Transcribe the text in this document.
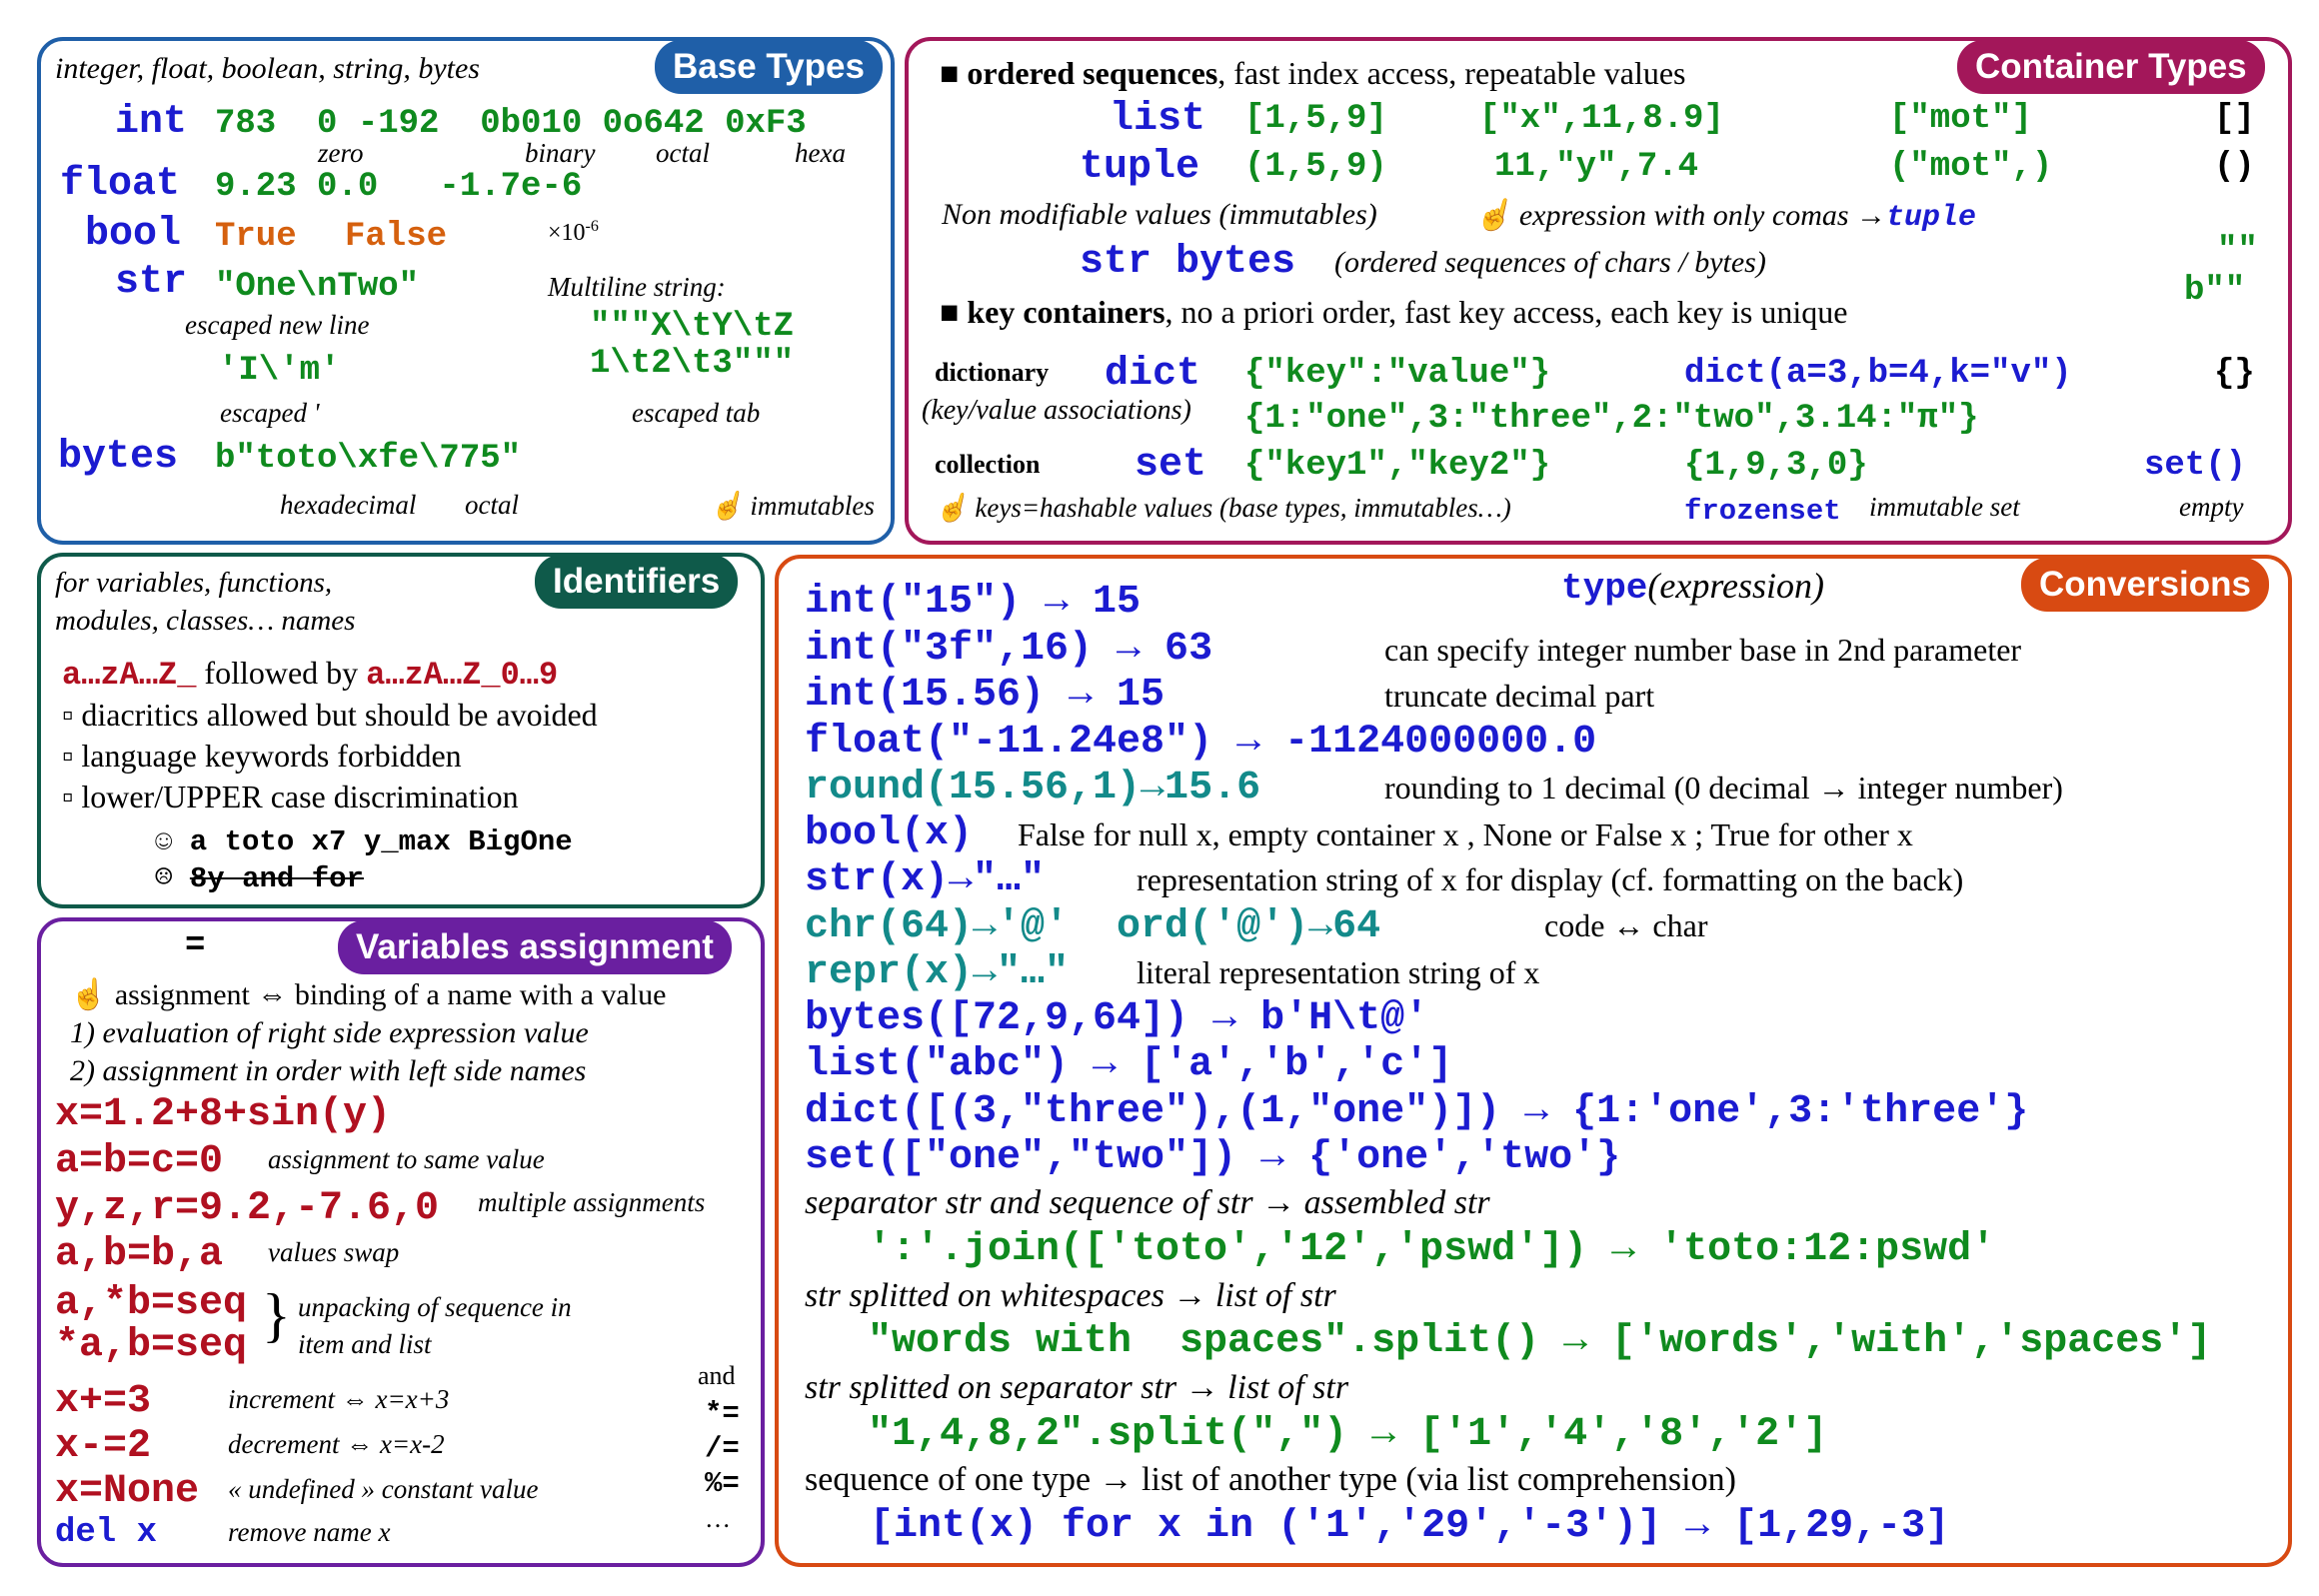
Base Types
integer, float, boolean, string, bytes
int 783  0 -192  0b010 0o642 0xF3
zero	binary octal	hexa
float 9.23 0.0   -1.7e-6
$\times 10^{-6}$
bool True False
str "One\nTwo"
escaped new line
Multiline string:
"""X\tY\tZ
1\t2\t3"""
'I\'m'
escaped '	escaped tab
bytes b"toto\xfe\775"
hexadecimal octal	☝ immutables
Container Types
■ ordered sequences, fast index access, repeatable values
list [1,5,9]	["x",11,8.9]	["mot"]	[]
tuple (1,5,9)	11,"y",7.4	("mot",)	()
Non modifiable values (immutables)	☝ expression with only comas →tuple
str bytes (ordered sequences of chars / bytes)	""
b""
■ key containers, no a priori order, fast key access, each key is unique
dictionary
(key/value associations)
dict {"key":"value"}	dict(a=3,b=4,k="v")	{}
{1:"one",3:"three",2:"two",3.14:"π"}
collection set {"key1","key2"}	{1,9,3,0}	set()
☝ keys=hashable values (base types, immutables…)	frozenset immutable set	empty
Identifiers
for variables, functions,
modules, classes… names
a…zA…Z_ followed by a…zA…Z_0…9
▫ diacritics allowed but should be avoided
▫ language keywords forbidden
▫ lower/UPPER case discrimination
☺ a toto x7 y_max BigOne
☹ 8y and for
Variables assignment
=
☝ assignment ⇔ binding of a name with a value
1) evaluation of right side expression value
2) assignment in order with left side names
x=1.2+8+sin(y)
a=b=c=0 assignment to same value
y,z,r=9.2,-7.6,0 multiple assignments
a,b=b,a values swap
a,*b=seq
*a,b=seq } unpacking of sequence in
item and list
x+=3	increment ⇔ x=x+3
x-=2	decrement ⇔ x=x-2
x=None « undefined » constant value
del x	remove name x
and
*=
/=
%=
…
Conversions
type(expression)
int("15") → 15
int("3f",16) → 63	can specify integer number base in 2nd parameter
int(15.56) → 15	truncate decimal part
float("-11.24e8") → -1124000000.0
round(15.56,1)→15.6	rounding to 1 decimal (0 decimal → integer number)
bool(x) False for null x, empty container x , None or False x ; True for other x
str(x)→"…"	representation string of x for display (cf. formatting on the back)
chr(64)→'@'  ord('@')→64	code ↔ char
repr(x)→"…" literal representation string of x
bytes([72,9,64]) → b'H\t@'
list("abc") → ['a','b','c']
dict([(3,"three"),(1,"one")]) → {1:'one',3:'three'}
set(["one","two"]) → {'one','two'}
separator str and sequence of str → assembled str
':'.join(['toto','12','pswd']) → 'toto:12:pswd'
str splitted on whitespaces → list of str
"words with  spaces".split() → ['words','with','spaces']
str splitted on separator str → list of str
"1,4,8,2".split(",") → ['1','4','8','2']
sequence of one type → list of another type (via list comprehension)
[int(x) for x in ('1','29','-3')] → [1,29,-3]
